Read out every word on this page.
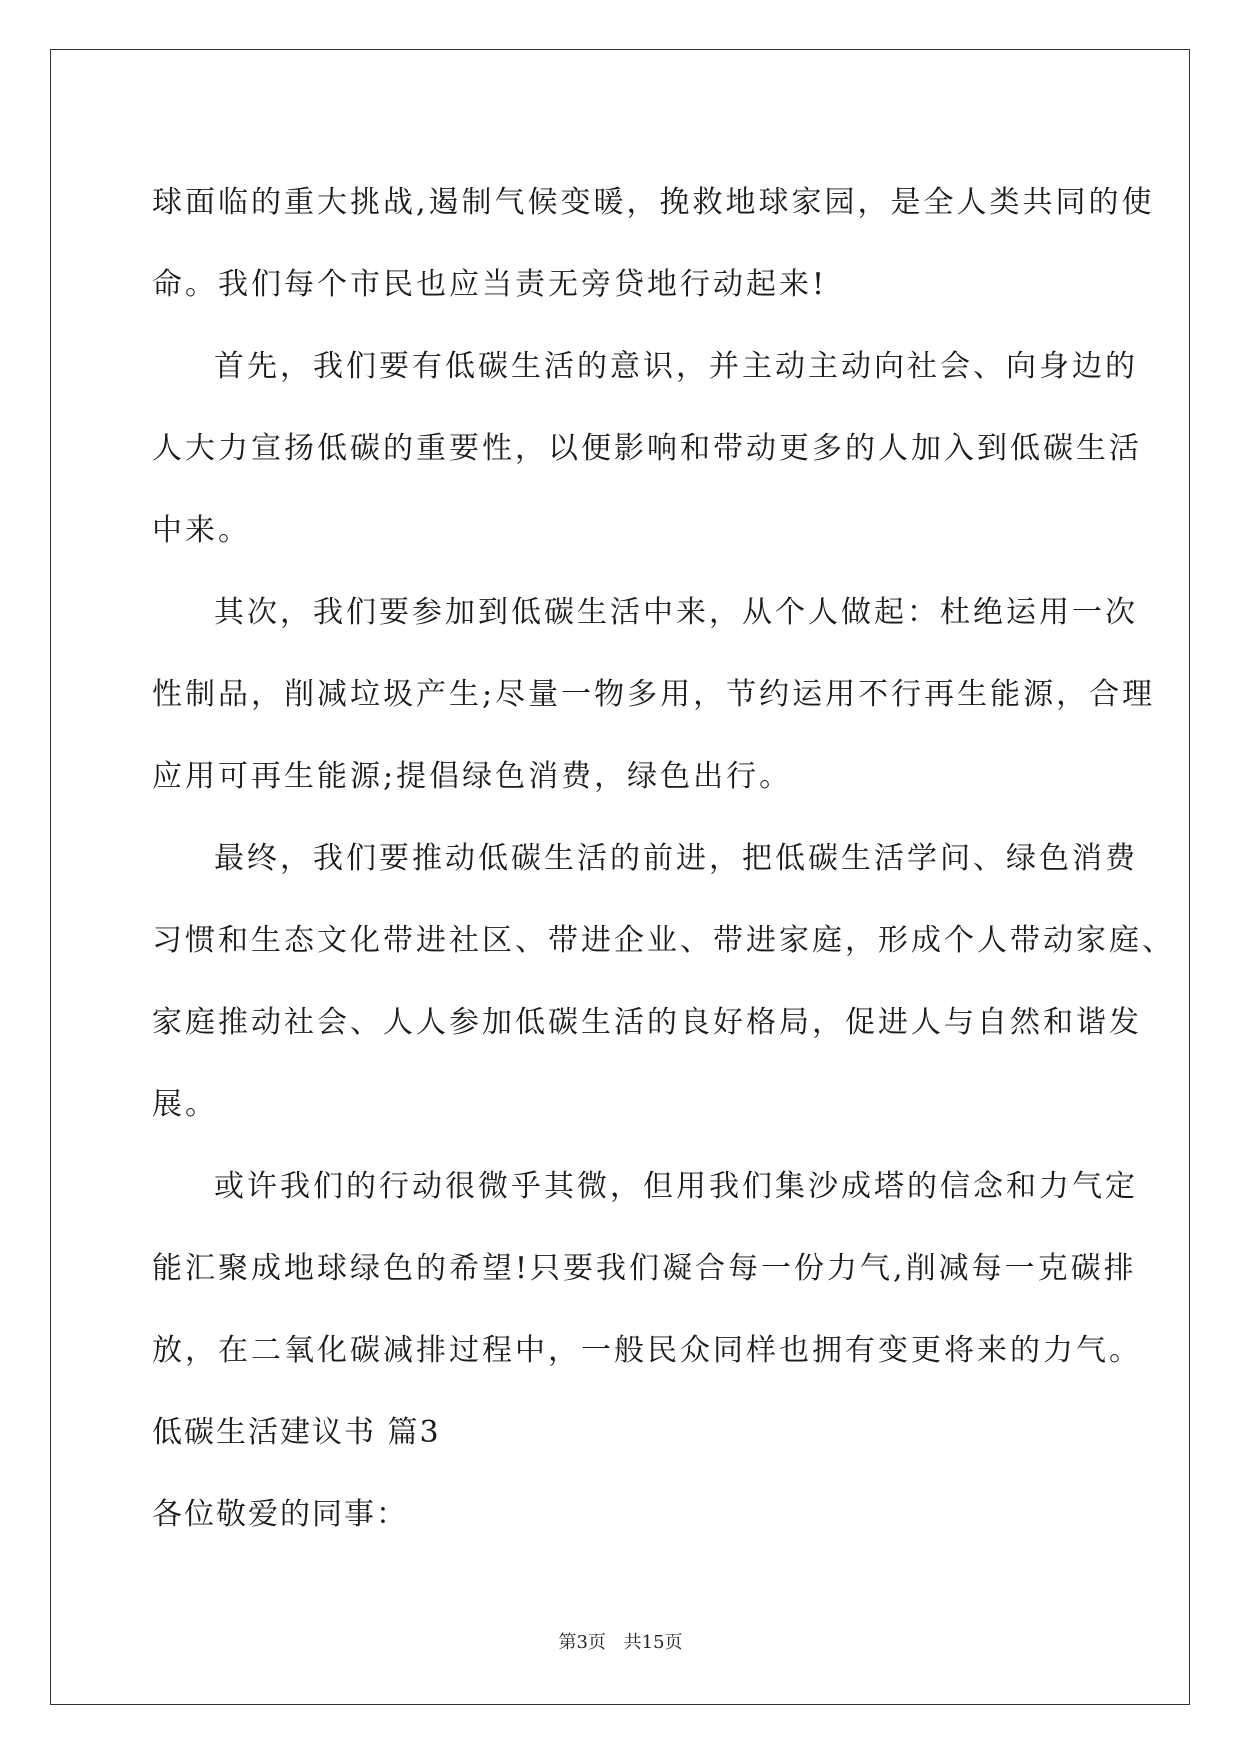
球面临的重大挑战,遏制气候变暖，挽救地球家园，是全人类共同的使
命。我们每个市民也应当责无旁贷地行动起来!
首先，我们要有低碳生活的意识，并主动主动向社会、向身边的
人大力宣扬低碳的重要性，以便影响和带动更多的人加入到低碳生活
中来。
其次，我们要参加到低碳生活中来，从个人做起：杜绝运用一次
性制品，削减垃圾产生;尽量一物多用，节约运用不行再生能源，合理
应用可再生能源;提倡绿色消费，绿色出行。
最终，我们要推动低碳生活的前进，把低碳生活学问、绿色消费
习惯和生态文化带进社区、带进企业、带进家庭，形成个人带动家庭、
家庭推动社会、人人参加低碳生活的良好格局，促进人与自然和谐发
展。
或许我们的行动很微乎其微，但用我们集沙成塔的信念和力气定
能汇聚成地球绿色的希望!只要我们凝合每一份力气,削减每一克碳排
放，在二氧化碳减排过程中，一般民众同样也拥有变更将来的力气。
低碳生活建议书 篇3
各位敬爱的同事：
第3页 共15页
